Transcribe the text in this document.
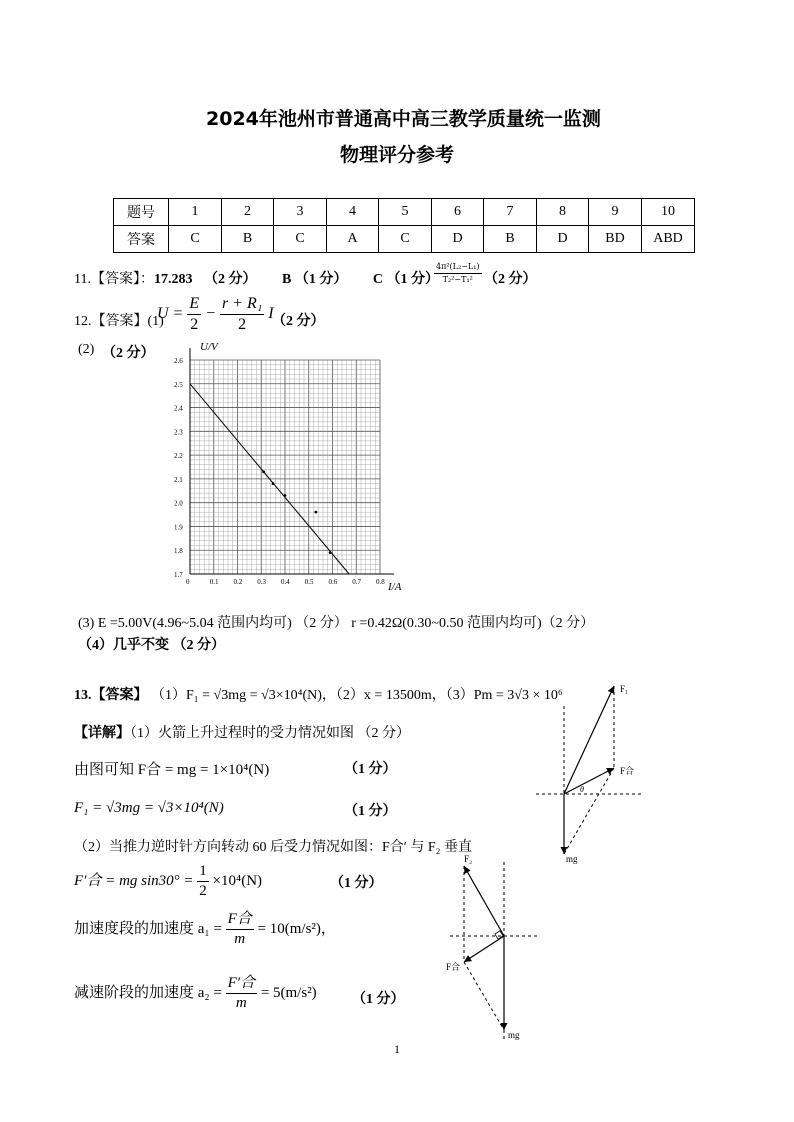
2024年池州市普通高中高三教学质量统一监测
物理评分参考
题号	1	2	3	4	5	6	7	8	9	10
答案	C	B	C	A	C	D	B	D	BD	ABD
11.【答案】：17.283 （2 分） B （1 分） C （1 分）
$\frac{\text{4π²(L₂−L₁)}}{\text{T₂²−T₁²}} (2$ 分）
12.【答案】(1)
$U = \frac{E}{2} - \frac{\text{r + R₁}}{2}$ I
（2 分）
(2) （2 分）
0	0.1 0.2 0.3 0.4 0.5 0.6 0.7 0.8
1.7
1.8
1.9
2.0
2.1
2.2
2.3
2.4
2.5
2.6
U/V
I/A
(3) E =5.00V(4.96~5.04 范围内均可) （2 分） r =0.42Ω(0.30~0.50 范围内均可)（2 分）
（4）几乎不变 （2 分）
13.【答案】 （1）F₁ = √3mg = √3×10⁴(N)，（2）x = 13500m，（3）Pm = 3√3 × 10⁶
【详解】（1）火箭上升过程时的受力情况如图 （2 分）
由图可知 F合 = mg = 1×10⁴(N)	（1 分）
F₁ = √3mg = √3×10⁴(N)	（1 分）
（2）当推力逆时针方向转动 60 后受力情况如图：F合′ 与 F₂ 垂直
F′合 = mg $\sin 30^\circ = \frac{1}{2} \times 10^4(N)$	（1 分）
加速度段的加速度 $a_1 = \frac{\text{F合}}{m} = 10(m/s^2)$，
减速阶段的加速度 $a_2 = \frac{\text{F′合}}{m} = 5(m/s^2)$	（1 分）
F₁
F合
mg
θ
F₂
F合
mg
1
